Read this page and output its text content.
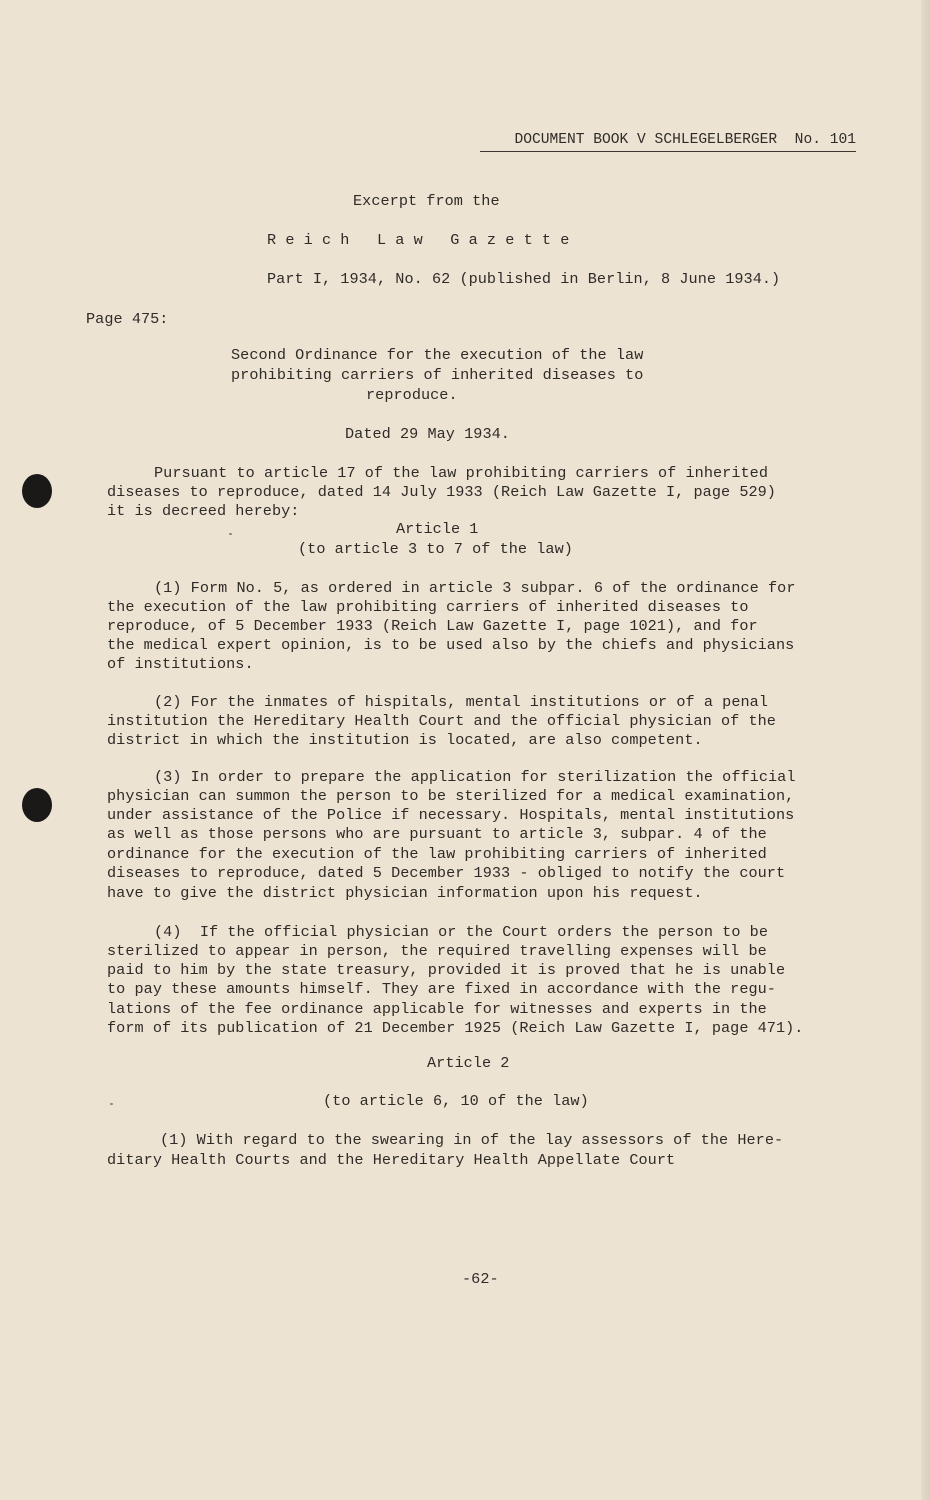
DOCUMENT BOOK V SCHLEGELBERGER  No. 101

Excerpt from the

R e i c h   L a w   G a z e t t e

Part I, 1934, No. 62 (published in Berlin, 8 June 1934.)

Page 475:

Second Ordinance for the execution of the law

prohibiting carriers of inherited diseases to

reproduce.

Dated 29 May 1934.

Pursuant to article 17 of the law prohibiting carriers of inherited

diseases to reproduce, dated 14 July 1933 (Reich Law Gazette I, page 529)

it is decreed hereby:

Article 1

(to article 3 to 7 of the law)

(1) Form No. 5, as ordered in article 3 subpar. 6 of the ordinance for

the execution of the law prohibiting carriers of inherited diseases to

reproduce, of 5 December 1933 (Reich Law Gazette I, page 1021), and for

the medical expert opinion, is to be used also by the chiefs and physicians

of institutions.

(2) For the inmates of hispitals, mental institutions or of a penal

institution the Hereditary Health Court and the official physician of the

district in which the institution is located, are also competent.

(3) In order to prepare the application for sterilization the official

physician can summon the person to be sterilized for a medical examination,

under assistance of the Police if necessary. Hospitals, mental institutions

as well as those persons who are pursuant to article 3, subpar. 4 of the

ordinance for the execution of the law prohibiting carriers of inherited

diseases to reproduce, dated 5 December 1933 - obliged to notify the court

have to give the district physician information upon his request.

(4)  If the official physician or the Court orders the person to be

sterilized to appear in person, the required travelling expenses will be

paid to him by the state treasury, provided it is proved that he is unable

to pay these amounts himself. They are fixed in accordance with the regu-

lations of the fee ordinance applicable for witnesses and experts in the

form of its publication of 21 December 1925 (Reich Law Gazette I, page 471).

Article 2

(to article 6, 10 of the law)

(1) With regard to the swearing in of the lay assessors of the Here-

ditary Health Courts and the Hereditary Health Appellate Court

-62-
